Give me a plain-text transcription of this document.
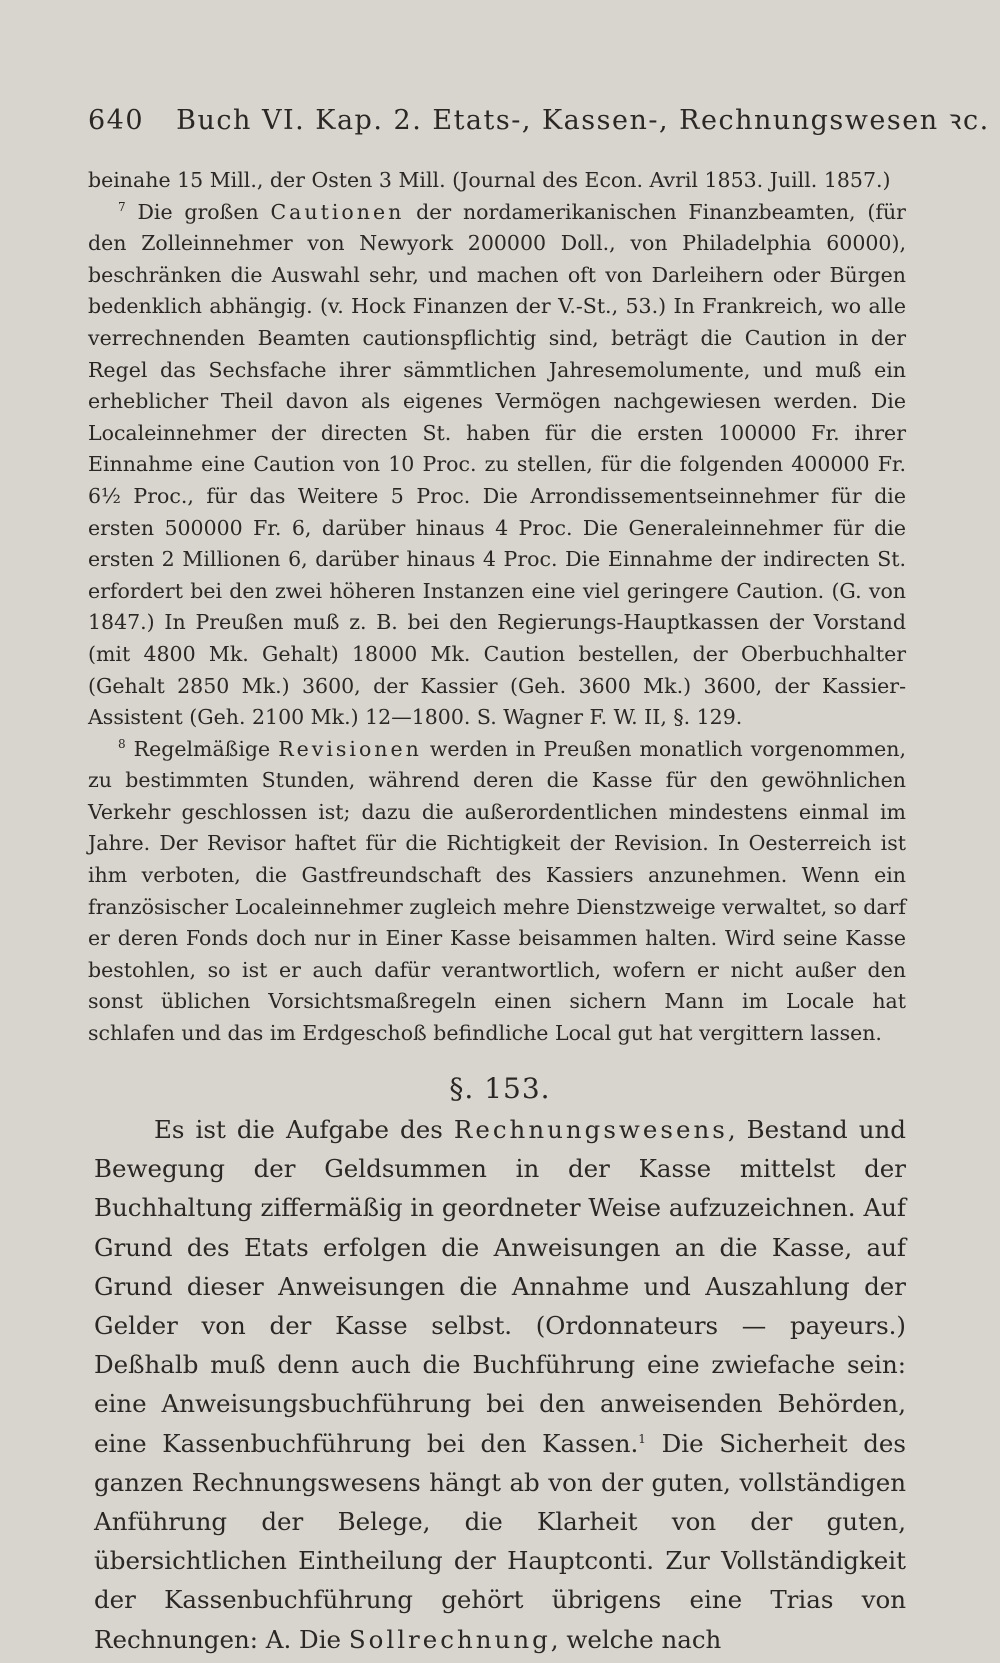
640 Buch VI. Kap. 2. Etats-, Kassen-, Rechnungswesen ꝛc.

beinahe 15 Mill., der Osten 3 Mill. (Journal des Econ. Avril 1853. Juill. 1857.)

$^7$ Die großen Cautionen der nordamerikanischen Finanzbeamten, (für den Zolleinnehmer von Newyork 200000 Doll., von Philadelphia 60000), beschränken die Auswahl sehr, und machen oft von Darleihern oder Bürgen bedenklich abhängig. (v. Hock Finanzen der V.-St., 53.) In Frankreich, wo alle verrechnenden Beamten cautionspflichtig sind, beträgt die Caution in der Regel das Sechsfache ihrer sämmtlichen Jahresemolumente, und muß ein erheblicher Theil davon als eigenes Vermögen nachgewiesen werden. Die Localeinnehmer der directen St. haben für die ersten 100000 Fr. ihrer Einnahme eine Caution von 10 Proc. zu stellen, für die folgenden 400000 Fr. 6½ Proc., für das Weitere 5 Proc. Die Arrondissementseinnehmer für die ersten 500000 Fr. 6, darüber hinaus 4 Proc. Die Generaleinnehmer für die ersten 2 Millionen 6, darüber hinaus 4 Proc. Die Einnahme der indirecten St. erfordert bei den zwei höheren Instanzen eine viel geringere Caution. (G. von 1847.) In Preußen muß z. B. bei den Regierungs-Hauptkassen der Vorstand (mit 4800 Mk. Gehalt) 18000 Mk. Caution bestellen, der Oberbuchhalter (Gehalt 2850 Mk.) 3600, der Kassier (Geh. 3600 Mk.) 3600, der Kassier-Assistent (Geh. 2100 Mk.) 12—1800. S. Wagner F. W. II, §. 129.

$^8$ Regelmäßige Revisionen werden in Preußen monatlich vorgenommen, zu bestimmten Stunden, während deren die Kasse für den gewöhnlichen Verkehr geschlossen ist; dazu die außerordentlichen mindestens einmal im Jahre. Der Revisor haftet für die Richtigkeit der Revision. In Oesterreich ist ihm verboten, die Gastfreundschaft des Kassiers anzunehmen. Wenn ein französischer Localeinnehmer zugleich mehre Dienstzweige verwaltet, so darf er deren Fonds doch nur in Einer Kasse beisammen halten. Wird seine Kasse bestohlen, so ist er auch dafür verantwortlich, wofern er nicht außer den sonst üblichen Vorsichtsmaßregeln einen sichern Mann im Locale hat schlafen und das im Erdgeschoß befindliche Local gut hat vergittern lassen.

§. 153.

Es ist die Aufgabe des Rechnungswesens, Bestand und Bewegung der Geldsummen in der Kasse mittelst der Buchhaltung ziffermäßig in geordneter Weise aufzuzeichnen. Auf Grund des Etats erfolgen die Anweisungen an die Kasse, auf Grund dieser Anweisungen die Annahme und Auszahlung der Gelder von der Kasse selbst. (Ordonnateurs — payeurs.) Deßhalb muß denn auch die Buchführung eine zwiefache sein: eine Anweisungsbuchführung bei den anweisenden Behörden, eine Kassenbuchführung bei den Kassen.$^1$ Die Sicherheit des ganzen Rechnungswesens hängt ab von der guten, vollständigen Anführung der Belege, die Klarheit von der guten, übersichtlichen Eintheilung der Hauptconti. Zur Vollständigkeit der Kassenbuchführung gehört übrigens eine Trias von Rechnungen: A. Die Sollrechnung, welche nach
